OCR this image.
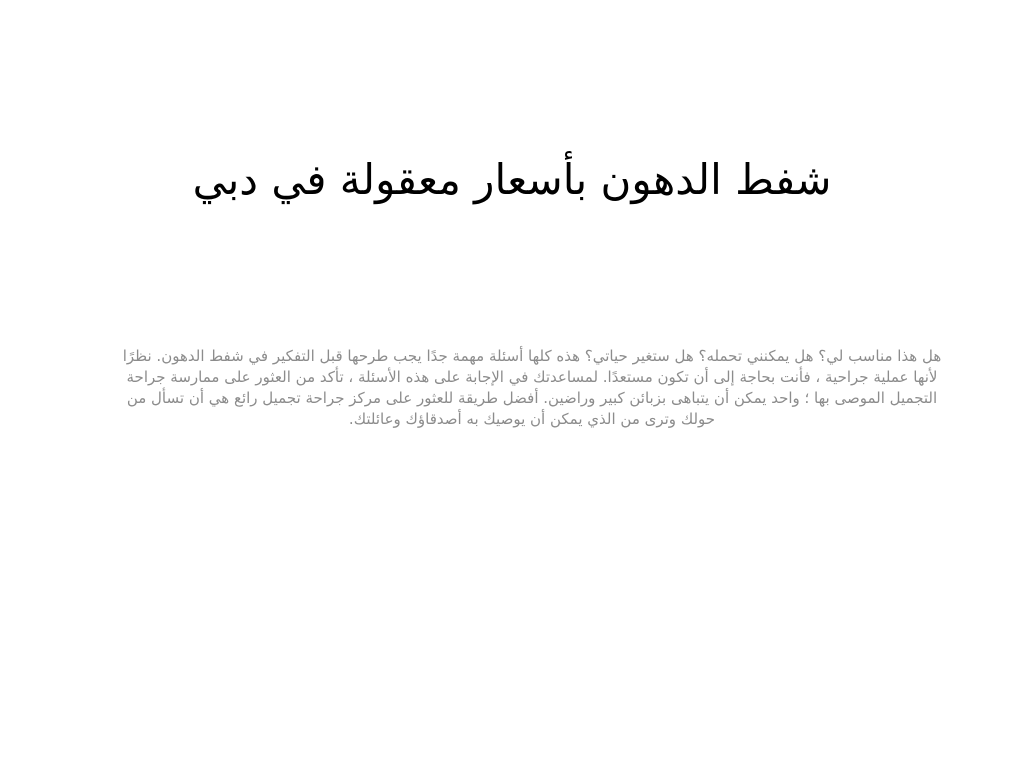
شفط الدهون بأسعار معقولة في دبي

هل هذا مناسب لي؟ هل يمكنني تحمله؟ هل ستغير حياتي؟ هذه كلها أسئلة مهمة جدًا يجب طرحها قبل التفكير في شفط الدهون. نظرًا لأنها عملية جراحية ، فأنت بحاجة إلى أن تكون مستعدًا. لمساعدتك في الإجابة على هذه الأسئلة ، تأكد من العثور على ممارسة جراحة التجميل الموصى بها ؛ واحد يمكن أن يتباهى بزبائن كبير وراضين. أفضل طريقة للعثور على مركز جراحة تجميل رائع هي أن تسأل من حولك وترى من الذي يمكن أن يوصيك به أصدقاؤك وعائلتك.
